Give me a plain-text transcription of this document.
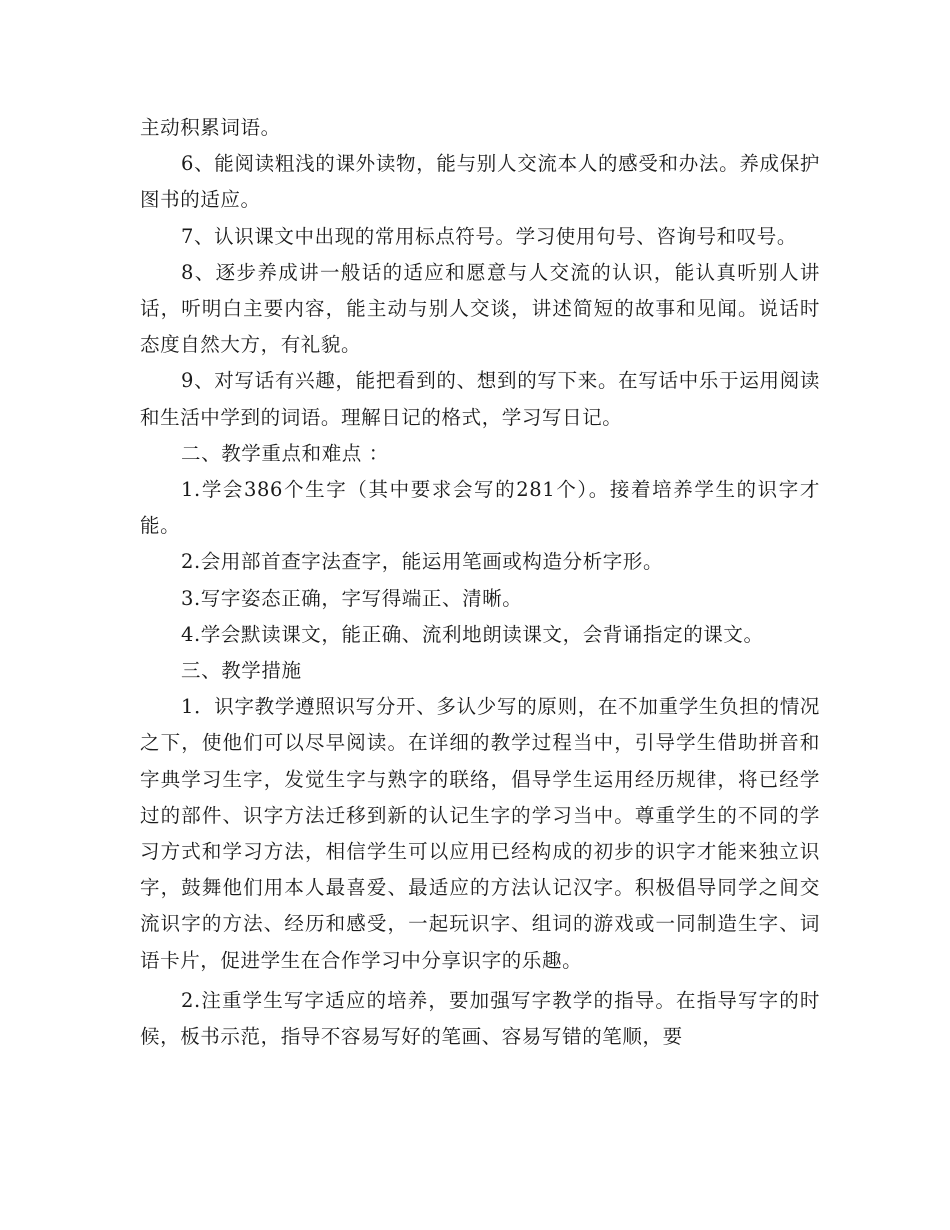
主动积累词语。

6、能阅读粗浅的课外读物，能与别人交流本人的感受和办法。养成保护图书的适应。

7、认识课文中出现的常用标点符号。学习使用句号、咨询号和叹号。

8、逐步养成讲一般话的适应和愿意与人交流的认识，能认真听别人讲话，听明白主要内容，能主动与别人交谈，讲述简短的故事和见闻。说话时态度自然大方，有礼貌。

9、对写话有兴趣，能把看到的、想到的写下来。在写话中乐于运用阅读和生活中学到的词语。理解日记的格式，学习写日记。

二、教学重点和难点 ：

1.学会386个生字（其中要求会写的281个）。接着培养学生的识字才能。

2.会用部首查字法查字，能运用笔画或构造分析字形。

3.写字姿态正确，字写得端正、清晰。

4.学会默读课文，能正确、流利地朗读课文，会背诵指定的课文。

三、教学措施

1．识字教学遵照识写分开、多认少写的原则，在不加重学生负担的情况之下，使他们可以尽早阅读。在详细的教学过程当中，引导学生借助拼音和字典学习生字，发觉生字与熟字的联络，倡导学生运用经历规律，将已经学过的部件、识字方法迁移到新的认记生字的学习当中。尊重学生的不同的学习方式和学习方法，相信学生可以应用已经构成的初步的识字才能来独立识字，鼓舞他们用本人最喜爱、最适应的方法认记汉字。积极倡导同学之间交流识字的方法、经历和感受，一起玩识字、组词的游戏或一同制造生字、词语卡片，促进学生在合作学习中分享识字的乐趣。

2.注重学生写字适应的培养，要加强写字教学的指导。在指导写字的时候，板书示范，指导不容易写好的笔画、容易写错的笔顺，要
